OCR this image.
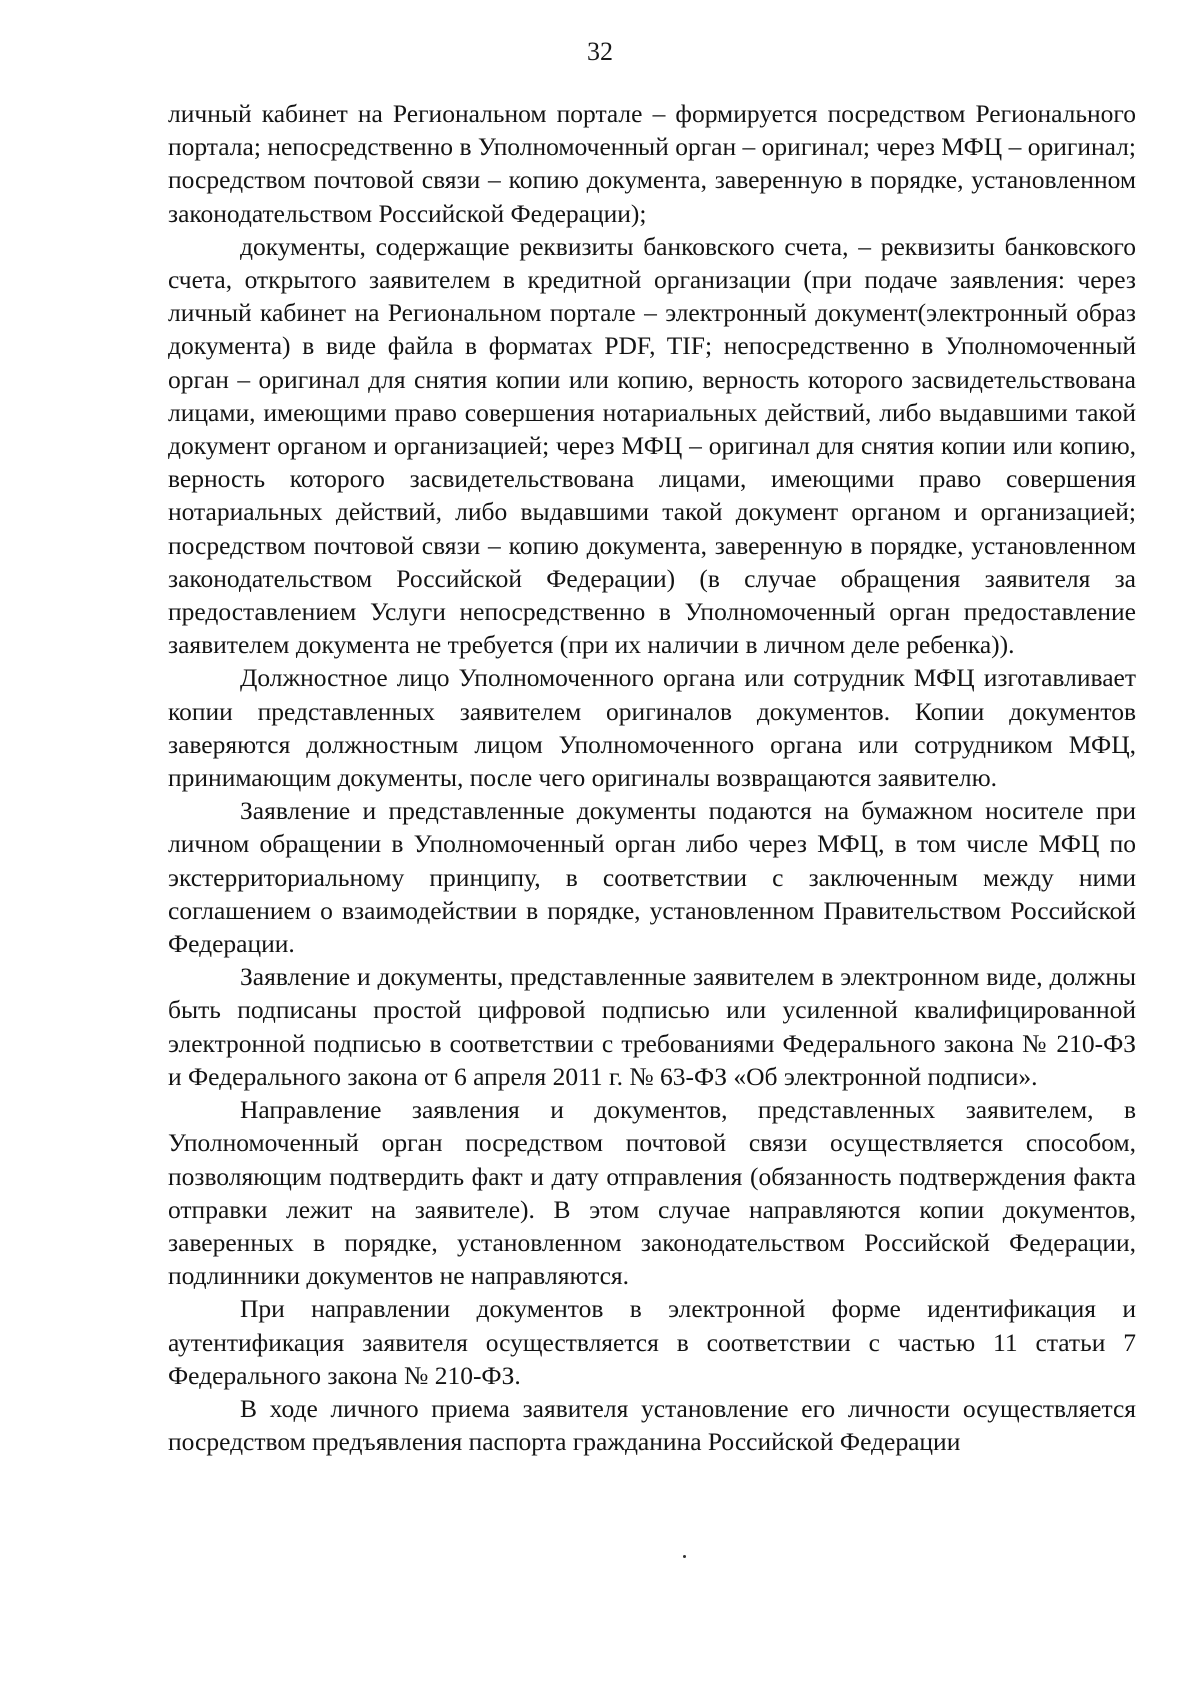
32

личный кабинет на Региональном портале – формируется посредством Регионального портала; непосредственно в Уполномоченный орган – оригинал; через МФЦ – оригинал; посредством почтовой связи – копию документа, заверенную в порядке, установленном законодательством Российской Федерации);

документы, содержащие реквизиты банковского счета, – реквизиты банковского счета, открытого заявителем в кредитной организации (при подаче заявления: через личный кабинет на Региональном портале – электронный документ(электронный образ документа) в виде файла в форматах PDF, TIF; непосредственно в Уполномоченный орган – оригинал для снятия копии или копию, верность которого засвидетельствована лицами, имеющими право совершения нотариальных действий, либо выдавшими такой документ органом и организацией; через МФЦ – оригинал для снятия копии или копию, верность которого засвидетельствована лицами, имеющими право совершения нотариальных действий, либо выдавшими такой документ органом и организацией; посредством почтовой связи – копию документа, заверенную в порядке, установленном законодательством Российской Федерации) (в случае обращения заявителя за предоставлением Услуги непосредственно в Уполномоченный орган предоставление заявителем документа не требуется (при их наличии в личном деле ребенка)).

Должностное лицо Уполномоченного органа или сотрудник МФЦ изготавливает копии представленных заявителем оригиналов документов. Копии документов заверяются должностным лицом Уполномоченного органа или сотрудником МФЦ, принимающим документы, после чего оригиналы возвращаются заявителю.

Заявление и представленные документы подаются на бумажном носителе при личном обращении в Уполномоченный орган либо через МФЦ, в том числе МФЦ по экстерриториальному принципу, в соответствии с заключенным между ними соглашением о взаимодействии в порядке, установленном Правительством Российской Федерации.

Заявление и документы, представленные заявителем в электронном виде, должны быть подписаны простой цифровой подписью или усиленной квалифицированной электронной подписью в соответствии с требованиями Федерального закона № 210-ФЗ и Федерального закона от 6 апреля 2011 г. № 63-ФЗ «Об электронной подписи».

Направление заявления и документов, представленных заявителем, в Уполномоченный орган посредством почтовой связи осуществляется способом, позволяющим подтвердить факт и дату отправления (обязанность подтверждения факта отправки лежит на заявителе). В этом случае направляются копии документов, заверенных в порядке, установленном законодательством Российской Федерации, подлинники документов не направляются.

При направлении документов в электронной форме идентификация и аутентификация заявителя осуществляется в соответствии с частью 11 статьи 7 Федерального закона № 210-ФЗ.

В ходе личного приема заявителя установление его личности осуществляется посредством предъявления паспорта гражданина Российской Федерации
